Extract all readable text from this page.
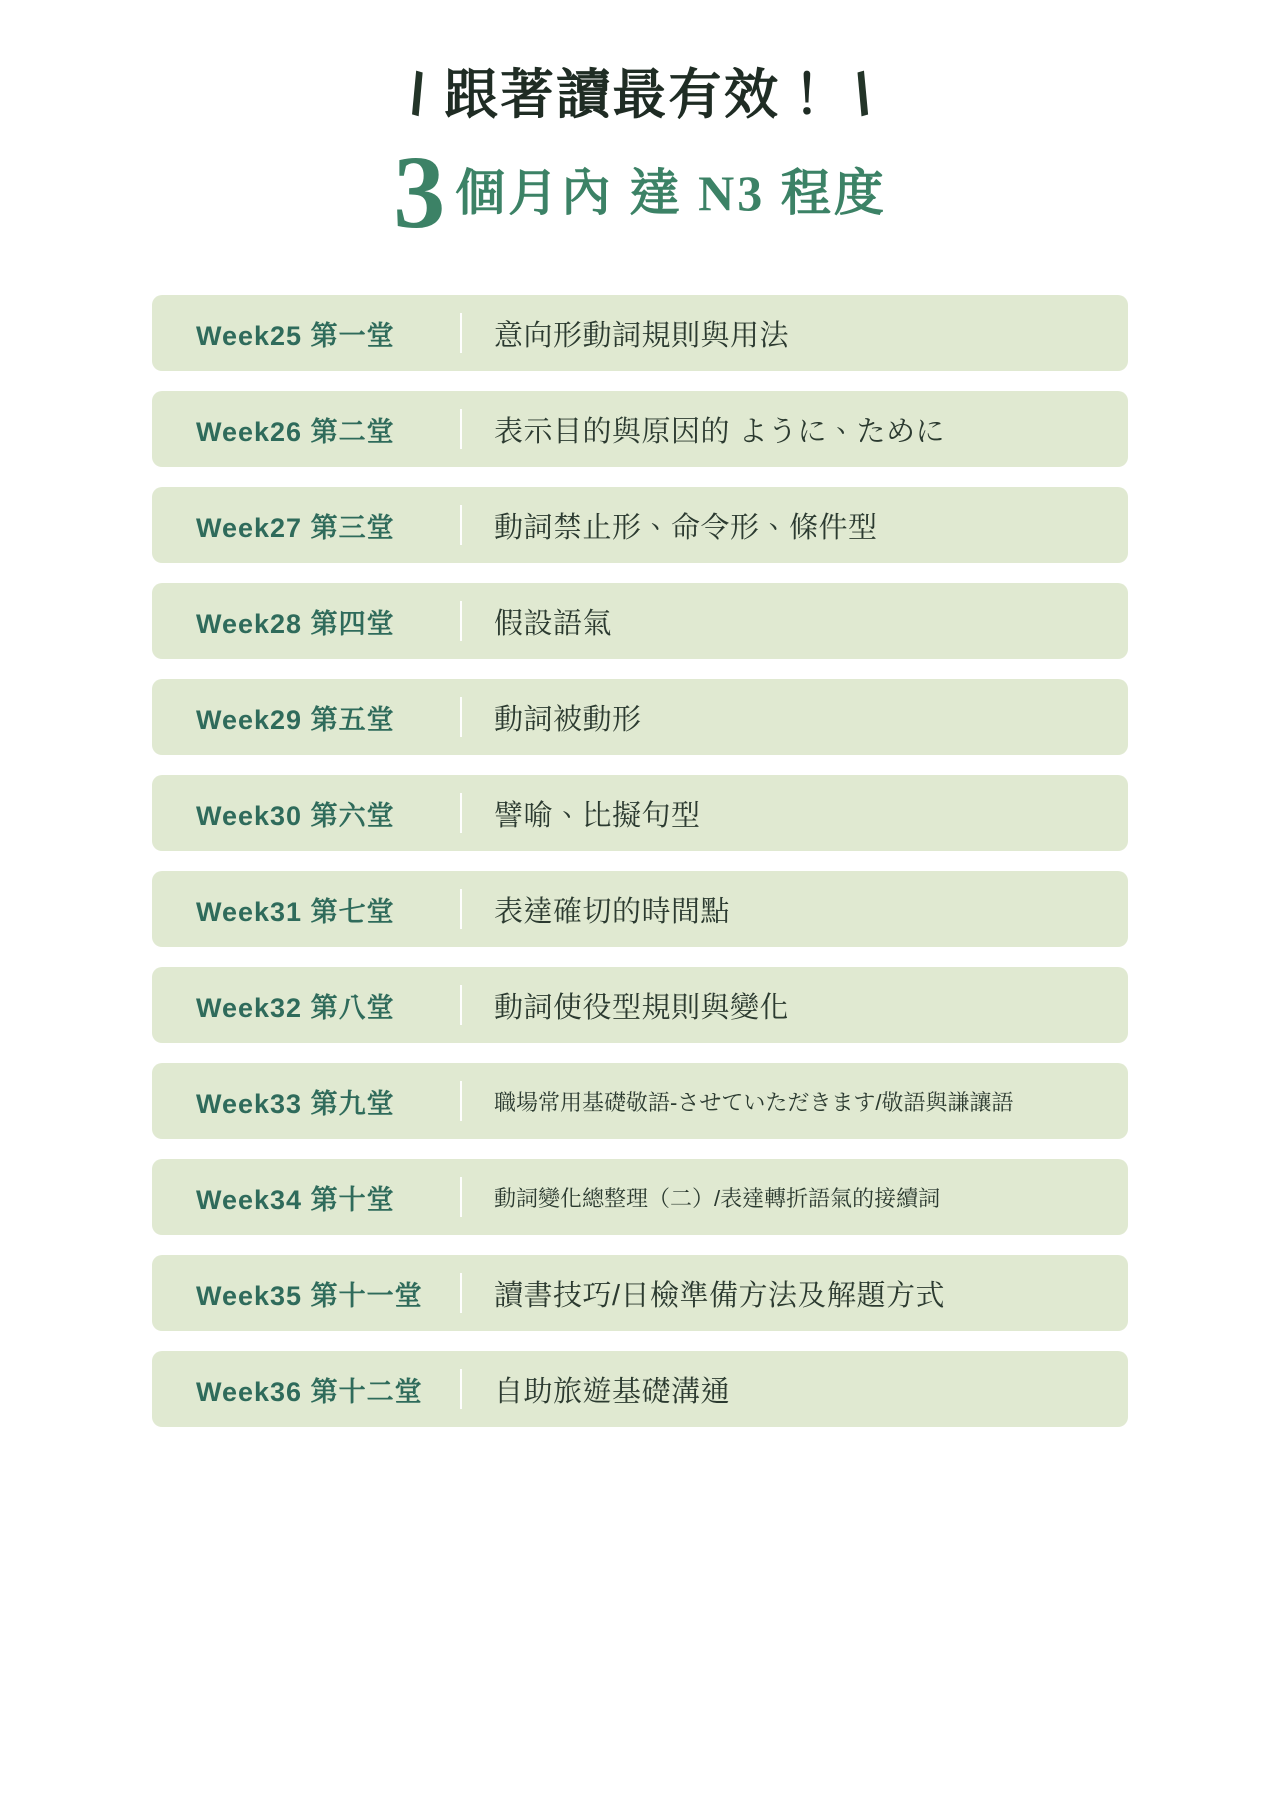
\ 跟著讀最有效！ /
3 個月內 達 N3 程度
Week25 第一堂	意向形動詞規則與用法
Week26 第二堂	表示目的與原因的 ように、ために
Week27 第三堂	動詞禁止形、命令形、條件型
Week28 第四堂	假設語氣
Week29 第五堂	動詞被動形
Week30 第六堂	譬喻、比擬句型
Week31 第七堂	表達確切的時間點
Week32 第八堂	動詞使役型規則與變化
Week33 第九堂	職場常用基礎敬語-させていただきます/敬語與謙讓語
Week34 第十堂	動詞變化總整理（二）/表達轉折語氣的接續詞
Week35 第十一堂	讀書技巧/日檢準備方法及解題方式
Week36 第十二堂	自助旅遊基礎溝通
